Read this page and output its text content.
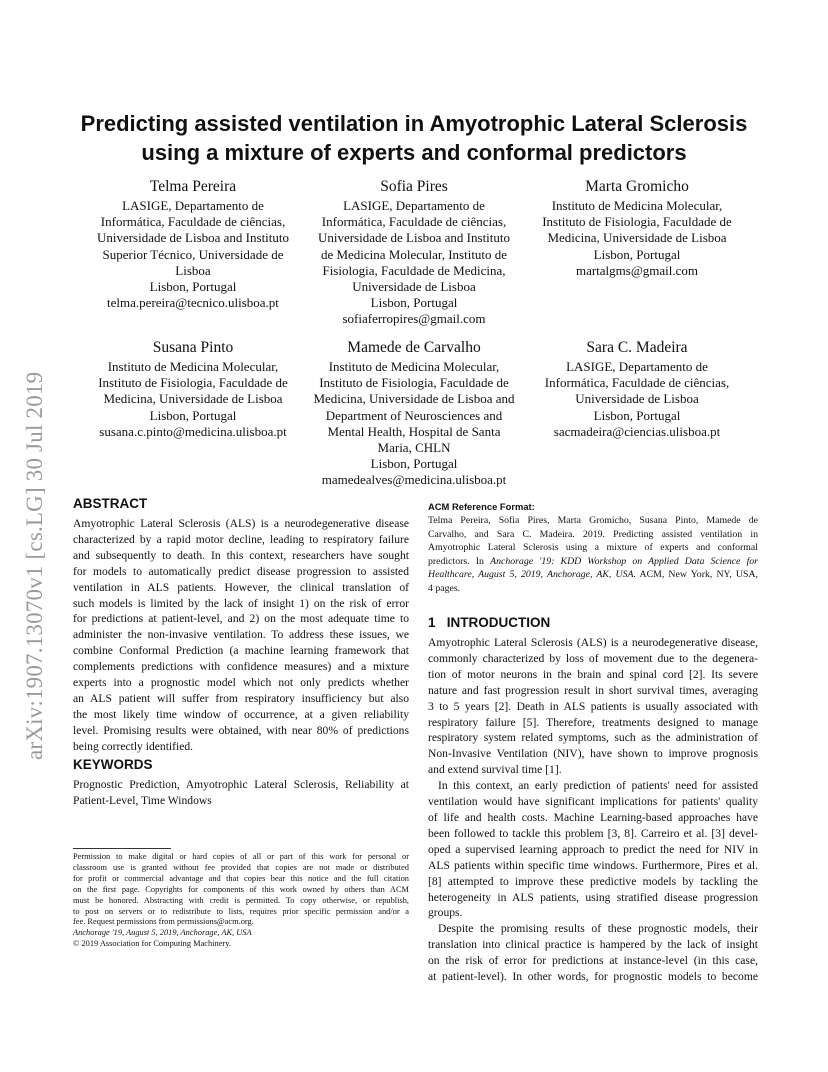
arXiv:1907.13070v1 [cs.LG] 30 Jul 2019
Predicting assisted ventilation in Amyotrophic Lateral Sclerosis
using a mixture of experts and conformal predictors
Telma Pereira
LASIGE, Departamento de
Informática, Faculdade de ciências,
Universidade de Lisboa and Instituto
Superior Técnico, Universidade de
Lisboa
Lisbon, Portugal
telma.pereira@tecnico.ulisboa.pt
Sofia Pires
LASIGE, Departamento de
Informática, Faculdade de ciências,
Universidade de Lisboa and Instituto
de Medicina Molecular, Instituto de
Fisiologia, Faculdade de Medicina,
Universidade de Lisboa
Lisbon, Portugal
sofiaferropires@gmail.com
Marta Gromicho
Instituto de Medicina Molecular,
Instituto de Fisiologia, Faculdade de
Medicina, Universidade de Lisboa
Lisbon, Portugal
martalgms@gmail.com
Susana Pinto
Instituto de Medicina Molecular,
Instituto de Fisiologia, Faculdade de
Medicina, Universidade de Lisboa
Lisbon, Portugal
susana.c.pinto@medicina.ulisboa.pt
Mamede de Carvalho
Instituto de Medicina Molecular,
Instituto de Fisiologia, Faculdade de
Medicina, Universidade de Lisboa and
Department of Neurosciences and
Mental Health, Hospital de Santa
Maria, CHLN
Lisbon, Portugal
mamedealves@medicina.ulisboa.pt
Sara C. Madeira
LASIGE, Departamento de
Informática, Faculdade de ciências,
Universidade de Lisboa
Lisbon, Portugal
sacmadeira@ciencias.ulisboa.pt
ABSTRACT
Amyotrophic Lateral Sclerosis (ALS) is a neurodegenerative disease
characterized by a rapid motor decline, leading to respiratory failure
and subsequently to death. In this context, researchers have sought
for models to automatically predict disease progression to assisted
ventilation in ALS patients. However, the clinical translation of
such models is limited by the lack of insight 1) on the risk of error
for predictions at patient-level, and 2) on the most adequate time to
administer the non-invasive ventilation. To address these issues, we
combine Conformal Prediction (a machine learning framework that
complements predictions with confidence measures) and a mixture
experts into a prognostic model which not only predicts whether
an ALS patient will suffer from respiratory insufficiency but also
the most likely time window of occurrence, at a given reliability
level. Promising results were obtained, with near 80% of predictions
being correctly identified.
KEYWORDS
Prognostic Prediction, Amyotrophic Lateral Sclerosis, Reliability at
Patient-Level, Time Windows
Permission to make digital or hard copies of all or part of this work for personal or
classroom use is granted without fee provided that copies are not made or distributed
for profit or commercial advantage and that copies bear this notice and the full citation
on the first page. Copyrights for components of this work owned by others than ACM
must be honored. Abstracting with credit is permitted. To copy otherwise, or republish,
to post on servers or to redistribute to lists, requires prior specific permission and/or a
fee. Request permissions from permissions@acm.org.
Anchorage '19, August 5, 2019, Anchorage, AK, USA
© 2019 Association for Computing Machinery.
ACM Reference Format:
Telma Pereira, Sofia Pires, Marta Gromicho, Susana Pinto, Mamede de
Carvalho, and Sara C. Madeira. 2019. Predicting assisted ventilation in
Amyotrophic Lateral Sclerosis using a mixture of experts and conformal
predictors. In Anchorage '19: KDD Workshop on Applied Data Science for
Healthcare, August 5, 2019, Anchorage, AK, USA. ACM, New York, NY, USA,
4 pages.
1   INTRODUCTION
Amyotrophic Lateral Sclerosis (ALS) is a neurodegenerative disease,
commonly characterized by loss of movement due to the degenera-
tion of motor neurons in the brain and spinal cord [2]. Its severe
nature and fast progression result in short survival times, averaging
3 to 5 years [2]. Death in ALS patients is usually associated with
respiratory failure [5]. Therefore, treatments designed to manage
respiratory system related symptoms, such as the administration of
Non-Invasive Ventilation (NIV), have shown to improve prognosis
and extend survival time [1].
In this context, an early prediction of patients' need for assisted
ventilation would have significant implications for patients' quality
of life and health costs. Machine Learning-based approaches have
been followed to tackle this problem [3, 8]. Carreiro et al. [3] devel-
oped a supervised learning approach to predict the need for NIV in
ALS patients within specific time windows. Furthermore, Pires et al.
[8] attempted to improve these predictive models by tackling the
heterogeneity in ALS patients, using stratified disease progression
groups.
Despite the promising results of these prognostic models, their
translation into clinical practice is hampered by the lack of insight
on the risk of error for predictions at instance-level (in this case,
at patient-level). In other words, for prognostic models to become
